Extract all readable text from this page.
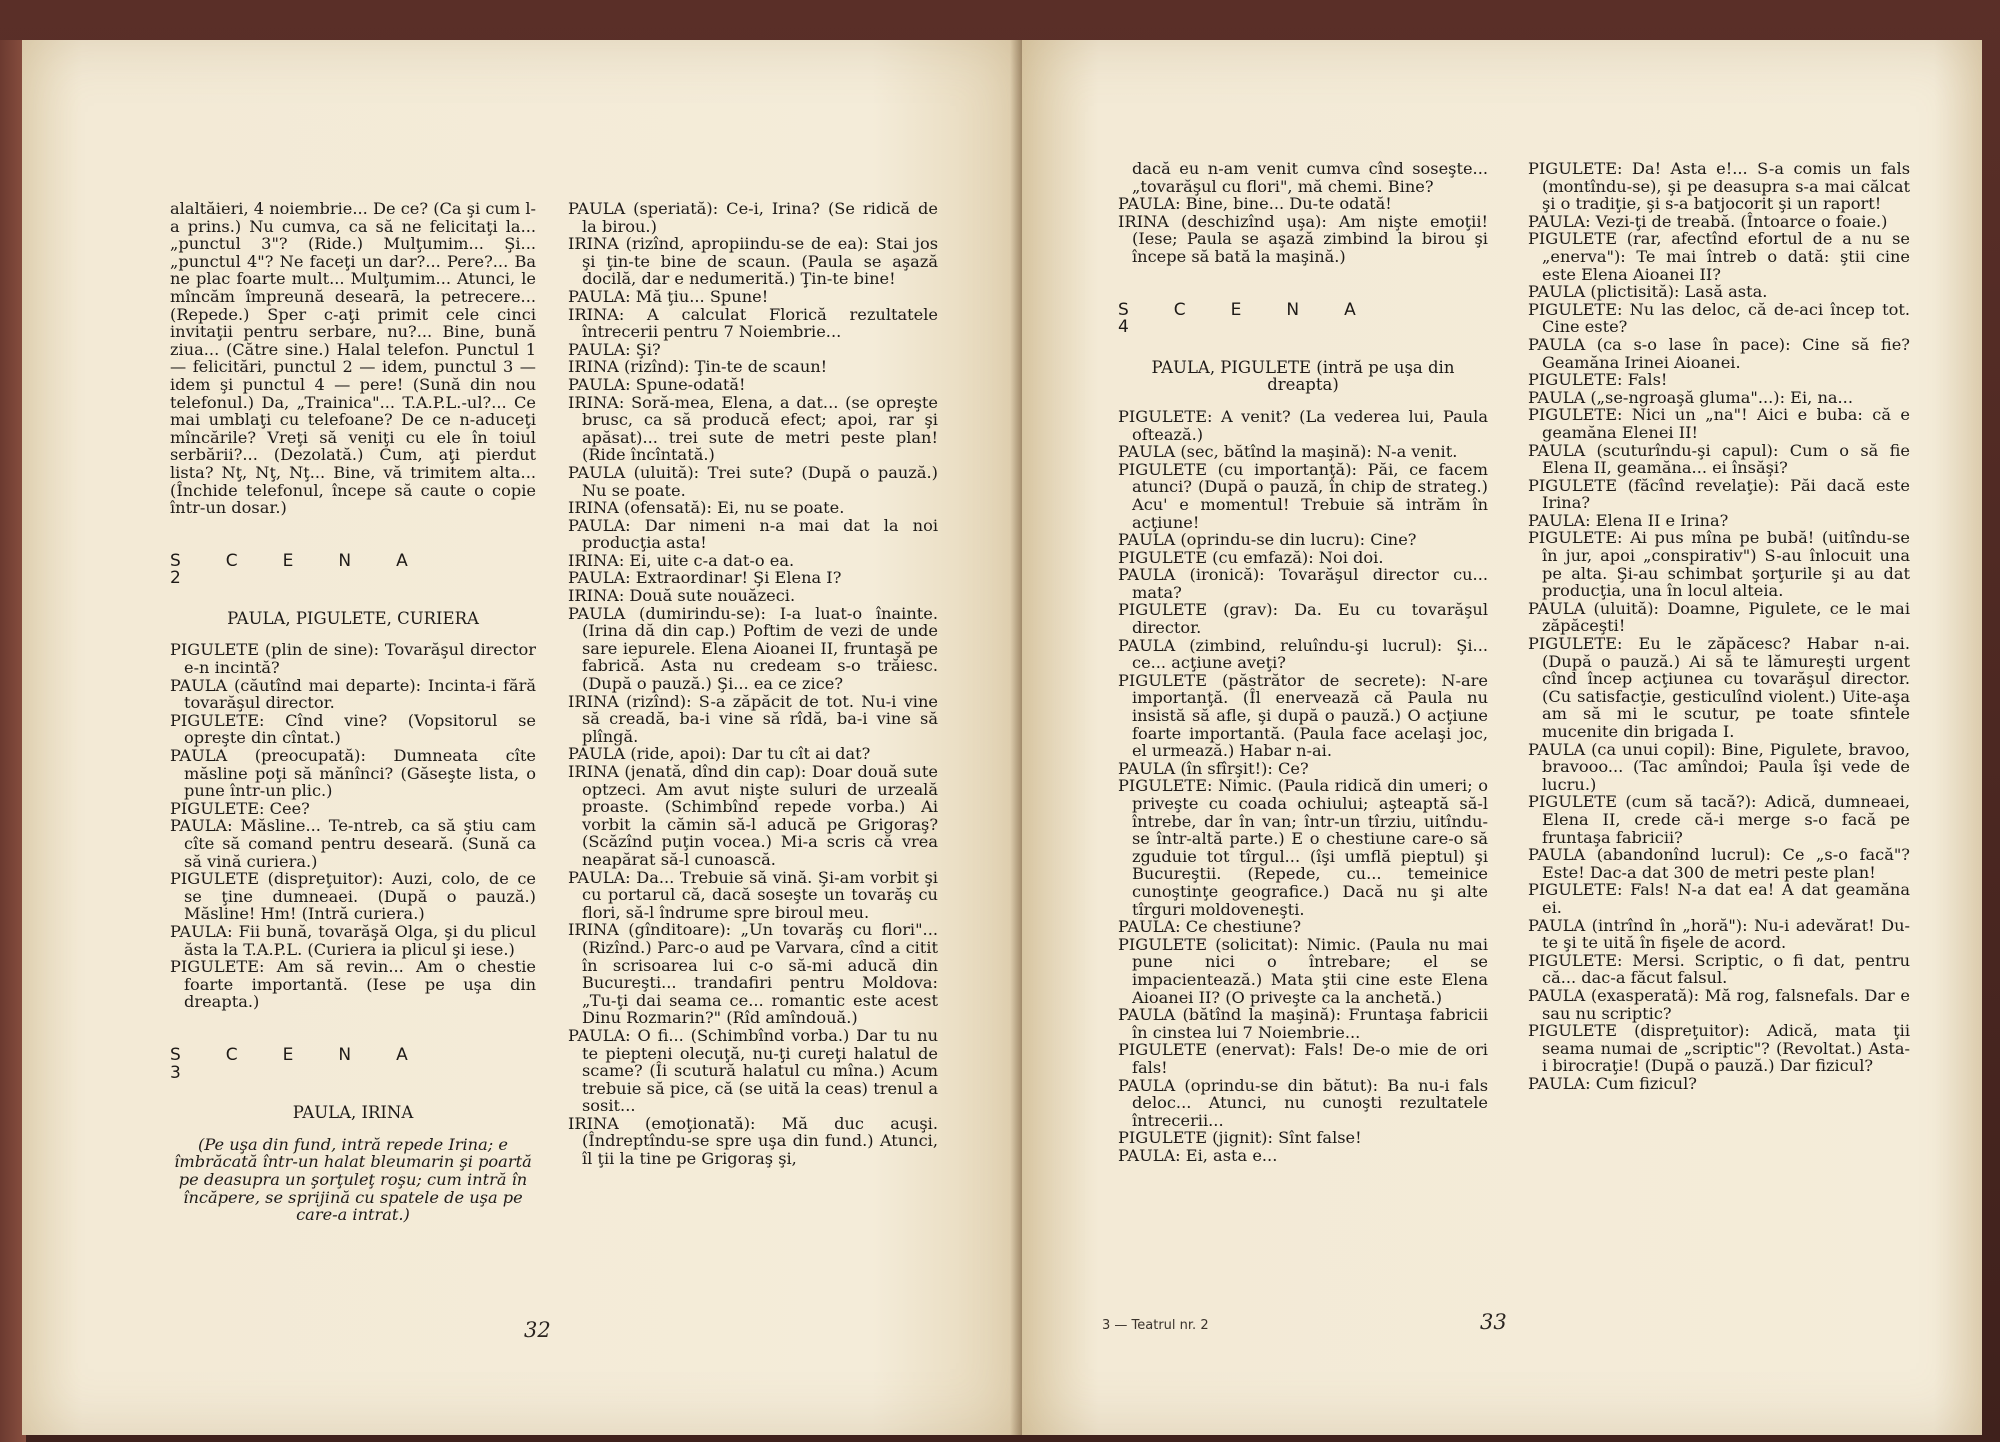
alaltăieri, 4 noiembrie... De ce? (Ca şi cum l-a prins.) Nu cumva, ca să ne felicitaţi la... „punctul 3"? (Ride.) Mulţumim... Şi... „punctul 4"? Ne faceţi un dar?... Pere?... Ba ne plac foarte mult... Mulţumim... Atunci, le mîncăm împreună desearā, la petrecere... (Repede.) Sper c-aţi primit cele cinci invitaţii pentru serbare, nu?... Bine, bună ziua... (Către sine.) Halal telefon. Punctul 1 — felicitări, punctul 2 — idem, punctul 3 — idem şi punctul 4 — pere! (Sună din nou telefonul.) Da, „Trainica"... T.A.P.L.-ul?... Ce mai umblaţi cu telefoane? De ce n-aduceţi mîncările? Vreţi să veniţi cu ele în toiul serbării?... (Dezolată.) Cum, aţi pierdut lista? Nţ, Nţ, Nţ... Bine, vă trimitem alta... (Închide telefonul, începe să caute o copie într-un dosar.)

SCENA 2

PAULA, PIGULETE, CURIERA

PIGULETE (plin de sine): Tovarăşul director e-n incintă?

PAULA (căutînd mai departe): Incinta-i fără tovarăşul director.

PIGULETE: Cînd vine? (Vopsitorul se opreşte din cîntat.)

PAULA (preocupată): Dumneata cîte măsline poţi să mănînci? (Găseşte lista, o pune într-un plic.)

PIGULETE: Cee?

PAULA: Măsline... Te-ntreb, ca să ştiu cam cîte să comand pentru deseară. (Sună ca să vină curiera.)

PIGULETE (dispreţuitor): Auzi, colo, de ce se ţine dumneaei. (După o pauză.) Măsline! Hm! (Intră curiera.)

PAULA: Fii bună, tovarăşă Olga, şi du plicul ăsta la T.A.P.L. (Curiera ia plicul şi iese.)

PIGULETE: Am să revin... Am o chestie foarte importantă. (Iese pe uşa din dreapta.)

SCENA 3

PAULA, IRINA

(Pe uşa din fund, intră repede Irina; e îmbrăcată într-un halat bleumarin şi poartă pe deasupra un şorţuleţ roşu; cum intră în încăpere, se sprijină cu spatele de uşa pe care-a intrat.)

PAULA (speriată): Ce-i, Irina? (Se ridică de la birou.)

IRINA (rizînd, apropiindu-se de ea): Stai jos şi ţin-te bine de scaun. (Paula se aşază docilă, dar e nedumerită.) Ţin-te bine!

PAULA: Mă ţiu... Spune!

IRINA: A calculat Florică rezultatele întrecerii pentru 7 Noiembrie...

PAULA: Şi?

IRINA (rizînd): Ţin-te de scaun!

PAULA: Spune-odată!

IRINA: Soră-mea, Elena, a dat... (se opreşte brusc, ca să producă efect; apoi, rar şi apăsat)... trei sute de metri peste plan! (Ride încîntată.)

PAULA (uluită): Trei sute? (După o pauză.) Nu se poate.

IRINA (ofensată): Ei, nu se poate.

PAULA: Dar nimeni n-a mai dat la noi producţia asta!

IRINA: Ei, uite c-a dat-o ea.

PAULA: Extraordinar! Şi Elena I?

IRINA: Două sute nouăzeci.

PAULA (dumirindu-se): I-a luat-o înainte. (Irina dă din cap.) Poftim de vezi de unde sare iepurele. Elena Aioanei II, fruntaşă pe fabrică. Asta nu credeam s-o trăiesc. (După o pauză.) Şi... ea ce zice?

IRINA (rizînd): S-a zăpăcit de tot. Nu-i vine să creadă, ba-i vine să rîdă, ba-i vine să plîngă.

PAULA (ride, apoi): Dar tu cît ai dat?

IRINA (jenată, dînd din cap): Doar două sute optzeci. Am avut nişte suluri de urzeală proaste. (Schimbînd repede vorba.) Ai vorbit la cămin să-l aducă pe Grigoraş? (Scăzînd puţin vocea.) Mi-a scris că vrea neapărat să-l cunoască.

PAULA: Da... Trebuie să vină. Şi-am vorbit şi cu portarul că, dacă soseşte un tovarăş cu flori, să-l îndrume spre biroul meu.

IRINA (gînditoare): „Un tovarăş cu flori"... (Rizînd.) Parc-o aud pe Varvara, cînd a citit în scrisoarea lui c-o să-mi aducă din Bucureşti... trandafiri pentru Moldova: „Tu-ţi dai seama ce... romantic este acest Dinu Rozmarin?" (Rîd amîndouă.)

PAULA: O fi... (Schimbînd vorba.) Dar tu nu te piepteni olecuţă, nu-ţi cureţi halatul de scame? (Îi scutură halatul cu mîna.) Acum trebuie să pice, că (se uită la ceas) trenul a sosit...

IRINA (emoţionată): Mă duc acuşi. (Îndreptîndu-se spre uşa din fund.) Atunci, îl ţii la tine pe Grigoraş şi,

32

dacă eu n-am venit cumva cînd soseşte... „tovarăşul cu flori", mă chemi. Bine?

PAULA: Bine, bine... Du-te odată!

IRINA (deschizînd uşa): Am nişte emoţii! (Iese; Paula se aşază zimbind la birou şi începe să bată la maşină.)

SCENA 4

PAULA, PIGULETE (intră pe uşa din dreapta)

PIGULETE: A venit? (La vederea lui, Paula oftează.)

PAULA (sec, bătînd la maşină): N-a venit.

PIGULETE (cu importanţă): Păi, ce facem atunci? (După o pauză, în chip de strateg.) Acu' e momentul! Trebuie să intrăm în acţiune!

PAULA (oprindu-se din lucru): Cine?

PIGULETE (cu emfază): Noi doi.

PAULA (ironică): Tovarăşul director cu... mata?

PIGULETE (grav): Da. Eu cu tovarăşul director.

PAULA (zimbind, reluîndu-şi lucrul): Şi... ce... acţiune aveţi?

PIGULETE (păstrător de secrete): N-are importanţă. (Îl enervează că Paula nu insistă să afle, şi după o pauză.) O acţiune foarte importantă. (Paula face acelaşi joc, el urmează.) Habar n-ai.

PAULA (în sfîrşit!): Ce?

PIGULETE: Nimic. (Paula ridică din umeri; o priveşte cu coada ochiului; aşteaptă să-l întrebe, dar în van; într-un tîrziu, uitîndu-se într-altă parte.) E o chestiune care-o să zguduie tot tîrgul... (îşi umflă pieptul) şi Bucureştii. (Repede, cu... temeinice cunoştinţe geografice.) Dacă nu şi alte tîrguri moldoveneşti.

PAULA: Ce chestiune?

PIGULETE (solicitat): Nimic. (Paula nu mai pune nici o întrebare; el se impacientează.) Mata ştii cine este Elena Aioanei II? (O priveşte ca la anchetă.)

PAULA (bătînd la maşină): Fruntaşa fabricii în cinstea lui 7 Noiembrie...

PIGULETE (enervat): Fals! De-o mie de ori fals!

PAULA (oprindu-se din bătut): Ba nu-i fals deloc... Atunci, nu cunoşti rezultatele întrecerii...

PIGULETE (jignit): Sînt false!

PAULA: Ei, asta e...

PIGULETE: Da! Asta e!... S-a comis un fals (montîndu-se), şi pe deasupra s-a mai călcat şi o tradiţie, şi s-a batjocorit şi un raport!

PAULA: Vezi-ţi de treabă. (Întoarce o foaie.)

PIGULETE (rar, afectînd efortul de a nu se „enerva"): Te mai întreb o dată: ştii cine este Elena Aioanei II?

PAULA (plictisită): Lasă asta.

PIGULETE: Nu las deloc, că de-aci încep tot. Cine este?

PAULA (ca s-o lase în pace): Cine să fie? Geamăna Irinei Aioanei.

PIGULETE: Fals!

PAULA („se-ngroaşă gluma"...): Ei, na...

PIGULETE: Nici un „na"! Aici e buba: că e geamăna Elenei II!

PAULA (scuturîndu-şi capul): Cum o să fie Elena II, geamăna... ei însăşi?

PIGULETE (făcînd revelaţie): Păi dacă este Irina?

PAULA: Elena II e Irina?

PIGULETE: Ai pus mîna pe bubă! (uitîndu-se în jur, apoi „conspirativ") S-au înlocuit una pe alta. Şi-au schimbat şorţurile şi au dat producţia, una în locul alteia.

PAULA (uluită): Doamne, Pigulete, ce le mai zăpăceşti!

PIGULETE: Eu le zăpăcesc? Habar n-ai. (După o pauză.) Ai să te lămureşti urgent cînd încep acţiunea cu tovarăşul director. (Cu satisfacţie, gesticulînd violent.) Uite-aşa am să mi le scutur, pe toate sfintele mucenite din brigada I.

PAULA (ca unui copil): Bine, Pigulete, bravoo, bravooo... (Tac amîndoi; Paula îşi vede de lucru.)

PIGULETE (cum să tacă?): Adică, dumneaei, Elena II, crede că-i merge s-o facă pe fruntaşa fabricii?

PAULA (abandonînd lucrul): Ce „s-o facă"? Este! Dac-a dat 300 de metri peste plan!

PIGULETE: Fals! N-a dat ea! A dat geamăna ei.

PAULA (intrînd în „horă"): Nu-i adevărat! Du-te şi te uită în fişele de acord.

PIGULETE: Mersi. Scriptic, o fi dat, pentru că... dac-a făcut falsul.

PAULA (exasperată): Mă rog, falsnefals. Dar e sau nu scriptic?

PIGULETE (dispreţuitor): Adică, mata ţii seama numai de „scriptic"? (Revoltat.) Asta-i birocraţie! (După o pauză.) Dar fizicul?

PAULA: Cum fizicul?

3 — Teatrul nr. 2	33
